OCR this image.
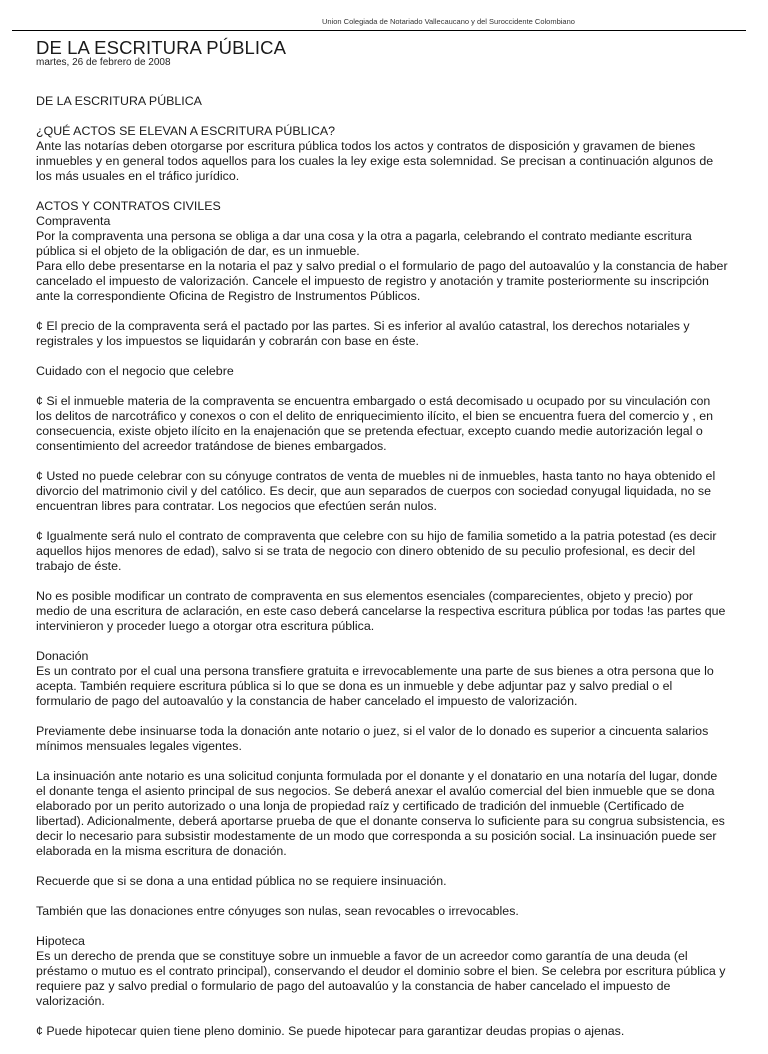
Union Colegiada de Notariado Vallecaucano y del Suroccidente Colombiano
DE LA ESCRITURA PÚBLICA
martes, 26 de febrero de 2008

DE LA ESCRITURA PÚBLICA

¿QUÉ ACTOS SE ELEVAN A ESCRITURA PÚBLICA?
Ante las notarías deben otorgarse por escritura pública todos los actos y contratos de disposición y gravamen de bienes inmuebles y en general todos aquellos para los cuales la ley exige esta solemnidad. Se precisan a continuación algunos de los más usuales en el tráfico jurídico.

ACTOS Y CONTRATOS CIVILES
Compraventa
Por la compraventa una persona se obliga a dar una cosa y la otra a pagarla, celebrando el contrato mediante escritura pública si el objeto de la obligación de dar, es un inmueble.
Para ello debe presentarse en la notaria el paz y salvo predial o el formulario de pago del autoavalúo y la constancia de haber cancelado el impuesto de valorización. Cancele el impuesto de registro y anotación y tramite posteriormente su inscripción ante la correspondiente Oficina de Registro de Instrumentos Públicos.

¢ El precio de la compraventa será el pactado por las partes. Si es inferior al avalúo catastral, los derechos notariales y registrales y los impuestos se liquidarán y cobrarán con base en éste.

Cuidado con el negocio que celebre

¢ Si el inmueble materia de la compraventa se encuentra embargado o está decomisado u ocupado por su vinculación con los delitos de narcotráfico y conexos o con el delito de enriquecimiento ilícito, el bien se encuentra fuera del comercio y , en consecuencia, existe objeto ilícito en la enajenación que se pretenda efectuar, excepto cuando medie autorización legal o consentimiento del acreedor tratándose de bienes embargados.

¢ Usted no puede celebrar con su cónyuge contratos de venta de muebles ni de inmuebles, hasta tanto no haya obtenido el divorcio del matrimonio civil y del católico. Es decir, que aun separados de cuerpos con sociedad conyugal liquidada, no se encuentran libres para contratar. Los negocios que efectúen serán nulos.

¢ Igualmente será nulo el contrato de compraventa que celebre con su hijo de familia sometido a la patria potestad (es decir aquellos hijos menores de edad), salvo si se trata de negocio con dinero obtenido de su peculio profesional, es decir del trabajo de éste.

No es posible modificar un contrato de compraventa en sus elementos esenciales (comparecientes, objeto y precio) por medio de una escritura de aclaración, en este caso deberá cancelarse la respectiva escritura pública por todas !as partes que intervinieron y proceder luego a otorgar otra escritura pública.

Donación
Es un contrato por el cual una persona transfiere gratuita e irrevocablemente una parte de sus bienes a otra persona que lo acepta. También requiere escritura pública si lo que se dona es un inmueble y debe adjuntar paz y salvo predial o el formulario de pago del autoavalúo y la constancia de haber cancelado el impuesto de valorización.

Previamente debe insinuarse toda la donación ante notario o juez, si el valor de lo donado es superior a cincuenta salarios mínimos mensuales legales vigentes.

La insinuación ante notario es una solicitud conjunta formulada por el donante y el donatario en una notaría del lugar, donde el donante tenga el asiento principal de sus negocios. Se deberá anexar el avalúo comercial del bien inmueble que se dona elaborado por un perito autorizado o una lonja de propiedad raíz y certificado de tradición del inmueble (Certificado de libertad). Adicionalmente, deberá aportarse prueba de que el donante conserva lo suficiente para su congrua subsistencia, es decir lo necesario para subsistir modestamente de un modo que corresponda a su posición social. La insinuación puede ser elaborada en la misma escritura de donación.

Recuerde que si se dona a una entidad pública no se requiere insinuación.

También que las donaciones entre cónyuges son nulas, sean revocables o irrevocables.

Hipoteca
Es un derecho de prenda que se constituye sobre un inmueble a favor de un acreedor como garantía de una deuda (el préstamo o mutuo es el contrato principal), conservando el deudor el dominio sobre el bien. Se celebra por escritura pública y requiere paz y salvo predial o formulario de pago del autoavalúo y la constancia de haber cancelado el impuesto de valorización.

¢ Puede hipotecar quien tiene pleno dominio. Se puede hipotecar para garantizar deudas propias o ajenas.
